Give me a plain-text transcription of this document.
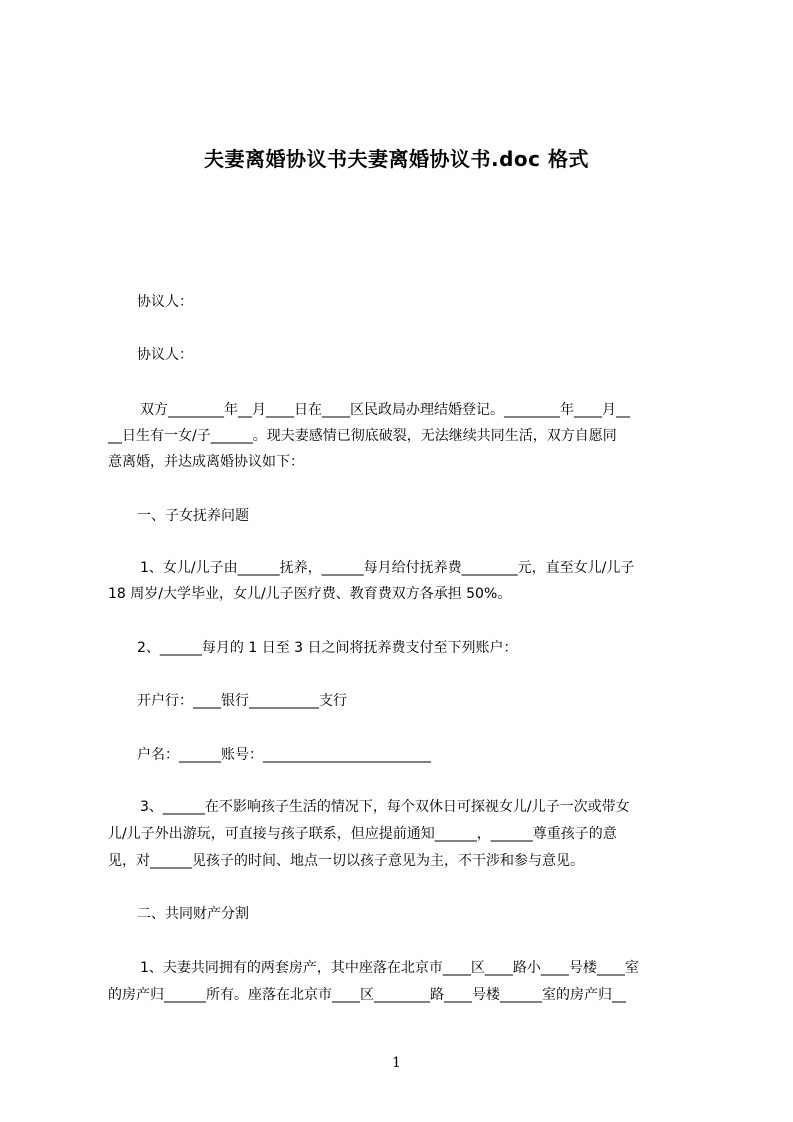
夫妻离婚协议书夫妻离婚协议书.doc 格式
协议人：
协议人：
双方________年__月____日在____区民政局办理结婚登记。________年____月__
__日生有一女/子______。现夫妻感情已彻底破裂，无法继续共同生活，双方自愿同
意离婚，并达成离婚协议如下：
一、子女抚养问题
1、女儿/儿子由______抚养，______每月给付抚养费________元，直至女儿/儿子
18 周岁/大学毕业，女儿/儿子医疗费、教育费双方各承担 50%。
2、______每月的 1 日至 3 日之间将抚养费支付至下列账户：
开户行：____银行__________支行
户名：______账号：________________________
3、______在不影响孩子生活的情况下，每个双休日可探视女儿/儿子一次或带女
儿/儿子外出游玩，可直接与孩子联系，但应提前通知______，______尊重孩子的意
见，对______见孩子的时间、地点一切以孩子意见为主，不干涉和参与意见。
二、共同财产分割
1、夫妻共同拥有的两套房产，其中座落在北京市____区____路小____号楼____室
的房产归______所有。座落在北京市____区________路____号楼______室的房产归__
1
